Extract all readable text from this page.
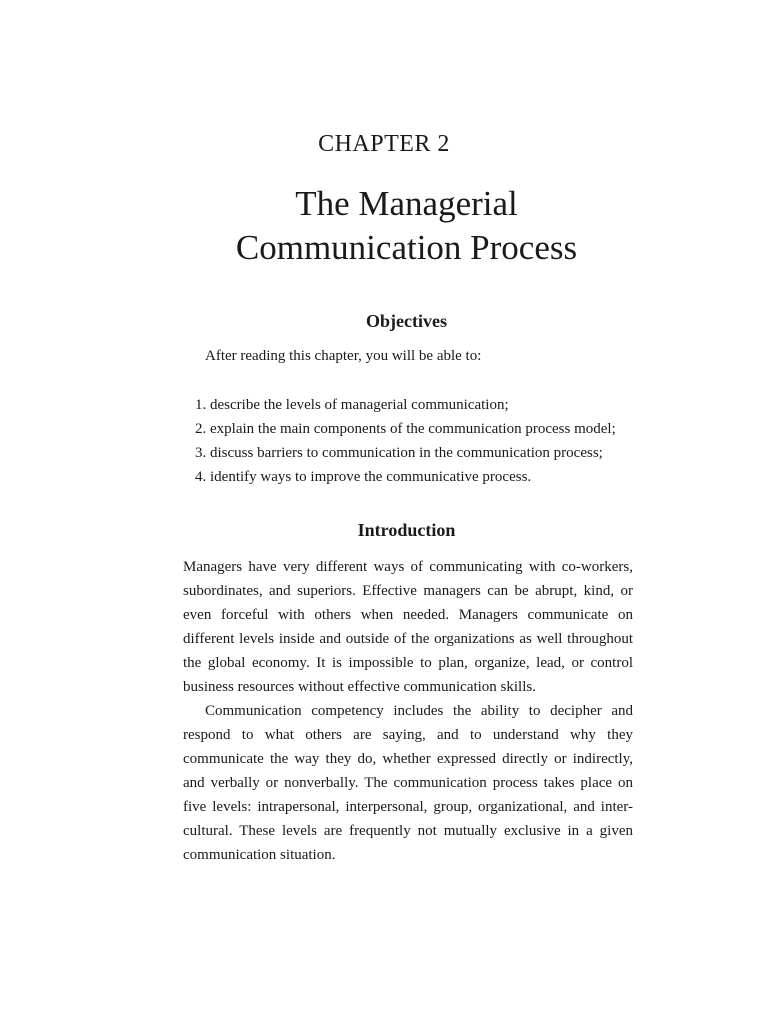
CHAPTER 2
The Managerial
Communication Process
Objectives
After reading this chapter, you will be able to:
1. describe the levels of managerial communication;
2. explain the main components of the communication process model;
3. discuss barriers to communication in the communication process;
4. identify ways to improve the communicative process.
Introduction

Managers have very different ways of communicating with co-workers, subordinates, and superiors. Effective managers can be abrupt, kind, or even forceful with others when needed. Managers communicate on different levels inside and outside of the organizations as well throughout the global economy. It is impossible to plan, organize, lead, or control business resources without effective communication skills.

Communication competency includes the ability to decipher and respond to what others are saying, and to understand why they communicate the way they do, whether expressed directly or indirectly, and verbally or nonverbally. The communication process takes place on five levels: intrapersonal, interpersonal, group, organizational, and inter-cultural. These levels are frequently not mutually exclusive in a given communication situation.
